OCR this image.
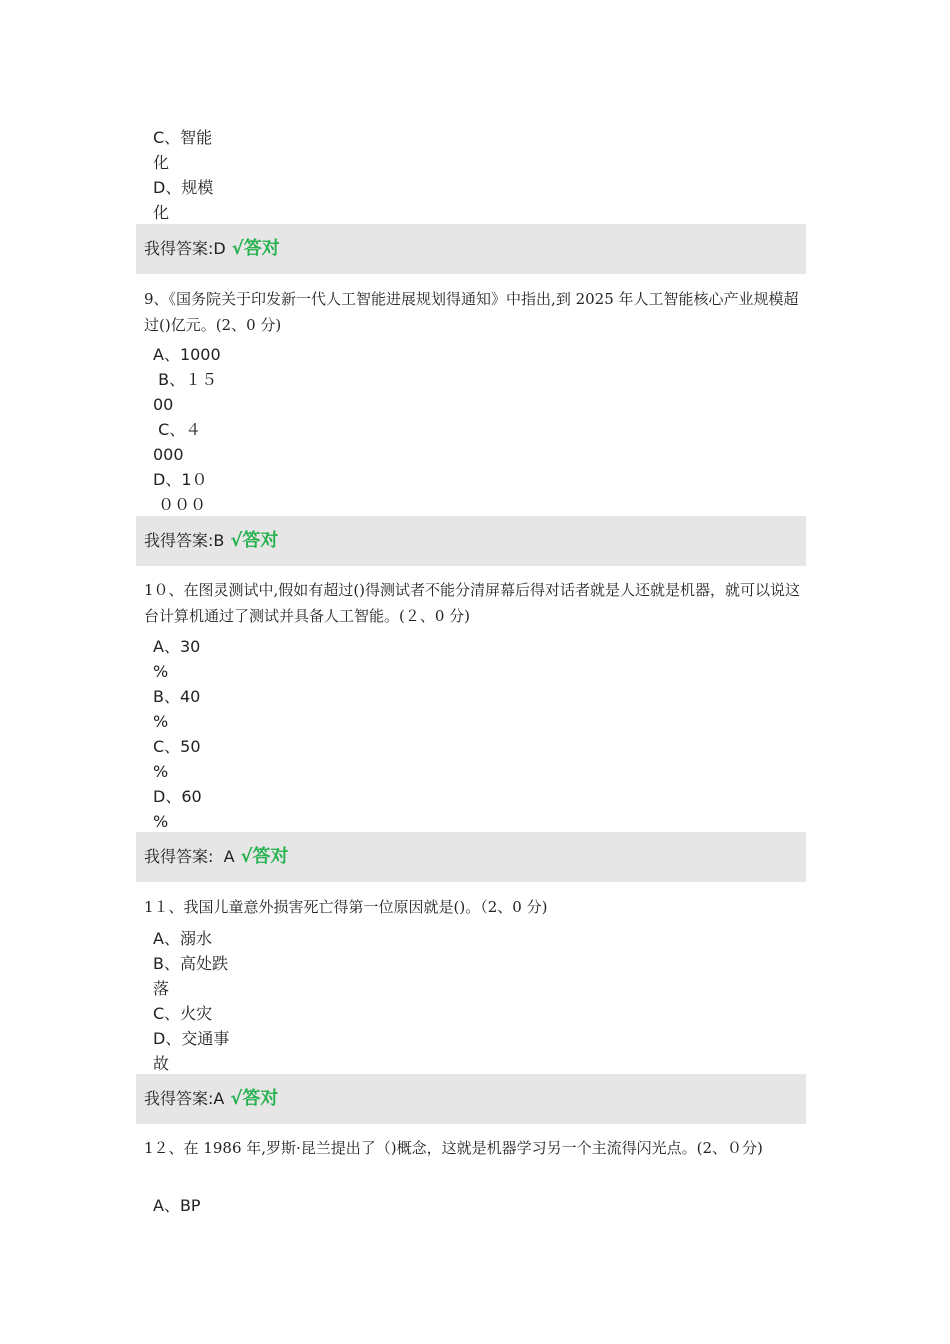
C、智能
化
D、规模
化
我得答案:D √答对
9、《国务院关于印发新一代人工智能进展规划得通知》中指出,到 2025 年人工智能核心产业规模超过()亿元。(2、0 分)
A、1000
B、１５
00
C、４
000
D、1０
０００
我得答案:B √答对
1０、在图灵测试中,假如有超过()得测试者不能分清屏幕后得对话者就是人还就是机器，就可以说这台计算机通过了测试并具备人工智能。(２、0 分)
A、30
%
B、40
%
C、50
%
D、60
%
我得答案:  A √答对
1１、我国儿童意外损害死亡得第一位原因就是()。（2、0 分)
A、溺水
B、高处跌
落
C、火灾
D、交通事
故
我得答案:A √答对
1２、在 1986 年,罗斯·昆兰提出了（)概念，这就是机器学习另一个主流得闪光点。(2、０分)
A、BP
